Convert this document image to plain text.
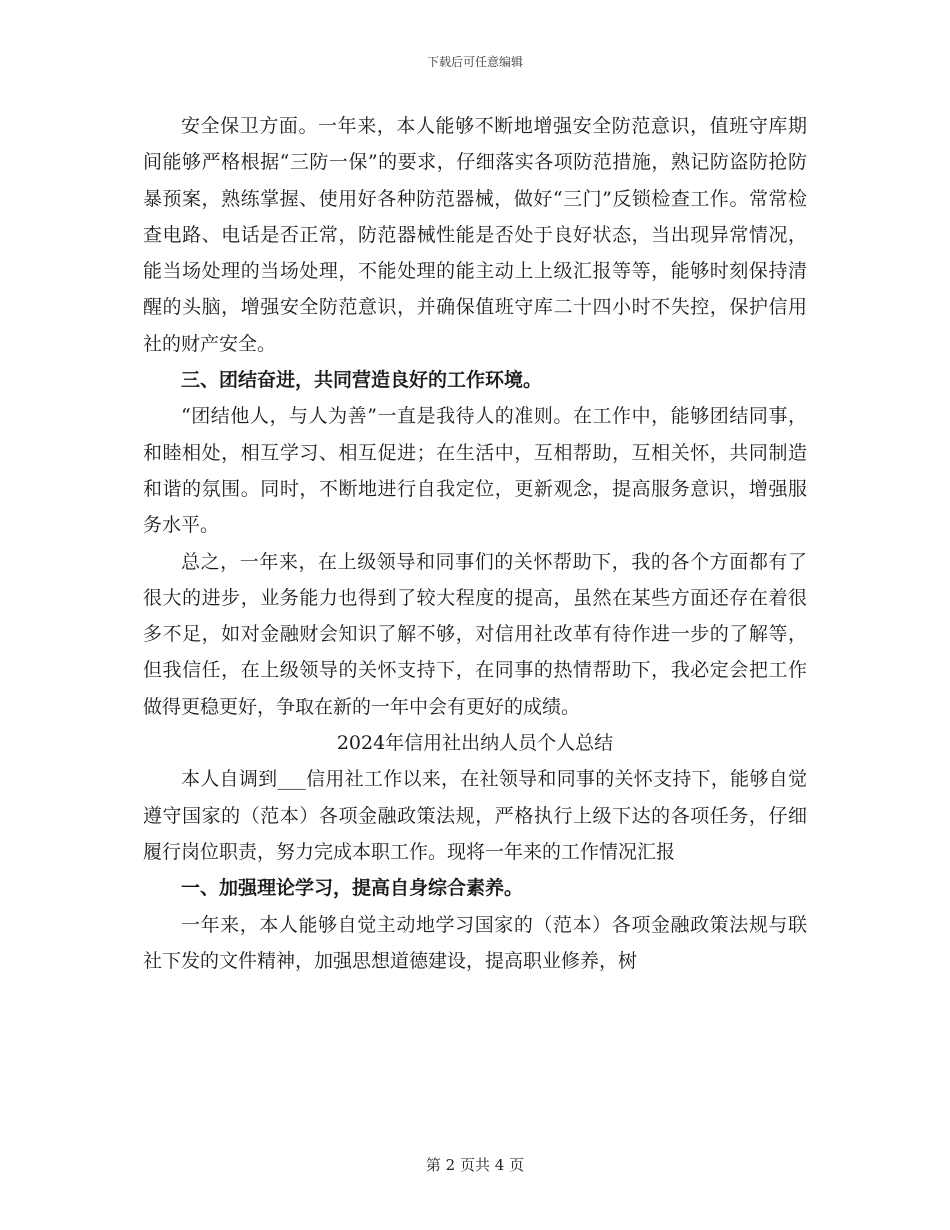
下载后可任意编辑

安全保卫方面。一年来，本人能够不断地增强安全防范意识，值班守库期间能够严格根据“三防一保”的要求，仔细落实各项防范措施，熟记防盗防抢防暴预案，熟练掌握、使用好各种防范器械，做好“三门”反锁检查工作。常常检查电路、电话是否正常，防范器械性能是否处于良好状态，当出现异常情况，能当场处理的当场处理，不能处理的能主动上上级汇报等等，能够时刻保持清醒的头脑，增强安全防范意识，并确保值班守库二十四小时不失控，保护信用社的财产安全。

三、团结奋进，共同营造良好的工作环境。

“团结他人，与人为善”一直是我待人的准则。在工作中，能够团结同事，和睦相处，相互学习、相互促进；在生活中，互相帮助，互相关怀，共同制造和谐的氛围。同时，不断地进行自我定位，更新观念，提高服务意识，增强服务水平。

总之，一年来，在上级领导和同事们的关怀帮助下，我的各个方面都有了很大的进步，业务能力也得到了较大程度的提高，虽然在某些方面还存在着很多不足，如对金融财会知识了解不够，对信用社改革有待作进一步的了解等，但我信任，在上级领导的关怀支持下，在同事的热情帮助下，我必定会把工作做得更稳更好，争取在新的一年中会有更好的成绩。

2024年信用社出纳人员个人总结

本人自调到___信用社工作以来，在社领导和同事的关怀支持下，能够自觉遵守国家的（范本）各项金融政策法规，严格执行上级下达的各项任务，仔细履行岗位职责，努力完成本职工作。现将一年来的工作情况汇报

一、加强理论学习，提高自身综合素养。

一年来，本人能够自觉主动地学习国家的（范本）各项金融政策法规与联社下发的文件精神，加强思想道德建设，提高职业修养，树

第 2 页共 4 页
